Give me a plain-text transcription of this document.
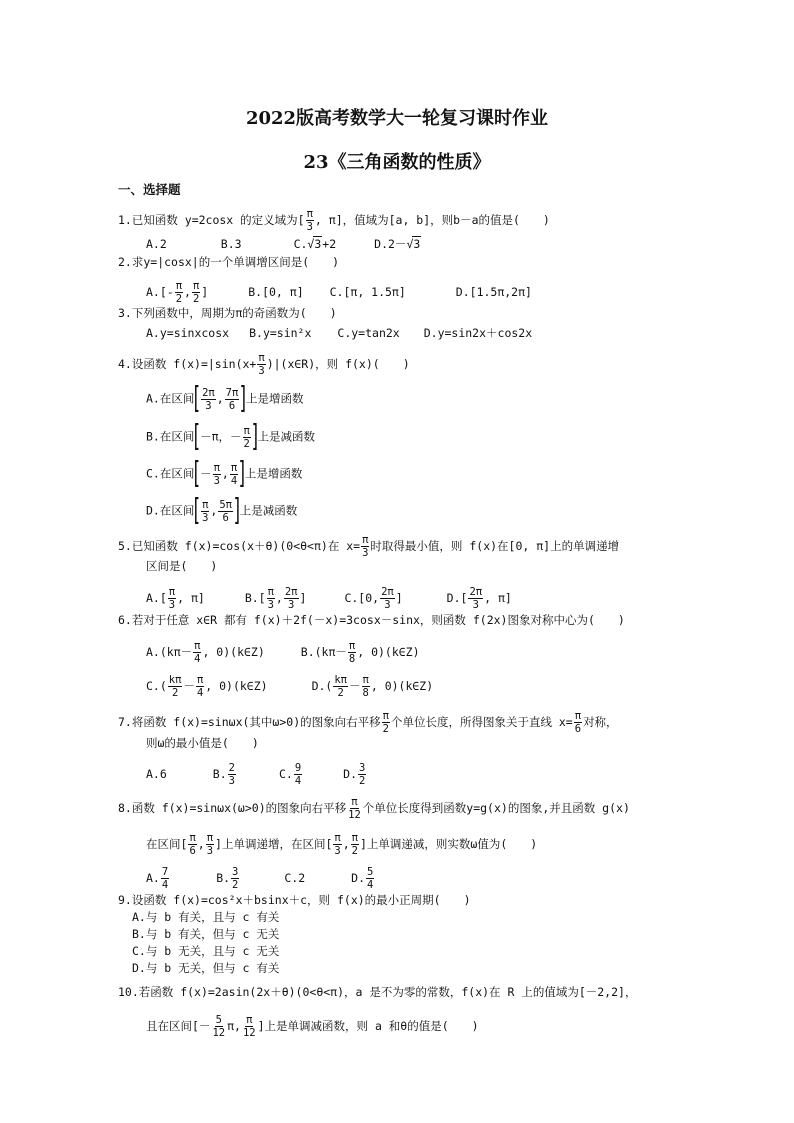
2022版高考数学大一轮复习课时作业
23《三角函数的性质》
一、选择题
1.已知函数 y=2cosx 的定义域为[ $\frac{\pi}{3}$ , π]，值域为[a, b]，则b－a的值是(　　)
A.2	B.3	C.√3+2	D.2－√3
2.求y=|cosx|的一个单调增区间是(　　)
$A.[- \frac{\pi}{2}$ , $\frac{\pi}{2}$ ]	B.[0, π] C.[π, 1.5π]	D.[1.5π,2π]
3.下列函数中，周期为π的奇函数为(　　)
A.y=sinxcosx B.y=sin²x C.y=tan2x D.y=sin2x＋cos2x
4.设函数 $f(x)=|\sin(x+ \frac{\pi}{3}$ )|(x∈R)，则 f(x)(　　)
A.在区间[ $\frac{2\pi}{3}$ , $\frac{7\pi}{6}$ ]上是增函数
B.在区间[－π，－ $\frac{\pi}{2}$ ]上是减函数
C.在区间[－ $\frac{\pi}{3}$ , $\frac{\pi}{4}$ ]上是增函数
D.在区间[ $\frac{\pi}{3}$ , $\frac{5\pi}{6}$ ]上是减函数
5.已知函数 f(x)=cos(x＋θ)(0<θ<π)在 $x= \frac{\pi}{3}$ 时取得最小值，则 f(x)在[0, π]上的单调递增
区间是(　　)
$A.[ \frac{\pi}{3}$ , π]	$B.[ \frac{\pi}{3}$ , $\frac{2\pi}{3}$ ]	C.[0, $\frac{2\pi}{3}$ ]	$D.[ \frac{2\pi}{3}$ , π]
6.若对于任意 x∈R 都有 f(x)＋2f(－x)=3cosx－sinx，则函数 f(2x)图象对称中心为(　　)
$A.(k\pi- \frac{\pi}{4}$ , 0)(k∈Z)	$B.(k\pi- \frac{\pi}{8}$ , 0)(k∈Z)
$C.( \frac{k\pi}{2} - \frac{\pi}{4}$ , 0)(k∈Z)	$D.( \frac{k\pi}{2} - \frac{\pi}{8}$ , 0)(k∈Z)
7.将函数 f(x)=sinωx(其中ω>0)的图象向右平移 $\frac{\pi}{2}$ 个单位长度，所得图象关于直线 $x= \frac{\pi}{6}$ 对称，
则ω的最小值是(　　)
A.6	B. $\frac{2}{3}$	C. $\frac{9}{4}$	D. $\frac{3}{2}$
8.函数 f(x)=sinωx(ω>0)的图象向右平移 $\frac{\pi}{12}$ 个单位长度得到函数y=g(x)的图象,并且函数 g(x)
在区间[ $\frac{\pi}{6}$ , $\frac{\pi}{3}$ ]上单调递增，在区间[ $\frac{\pi}{3}$ , $\frac{\pi}{2}$ ]上单调递减，则实数ω值为(　　)
A. $\frac{7}{4}$	B. $\frac{3}{2}$	C.2	D. $\frac{5}{4}$
9.设函数 f(x)=cos²x＋bsinx＋c，则 f(x)的最小正周期(　　)
A.与 b 有关，且与 c 有关
B.与 b 有关，但与 c 无关
C.与 b 无关，且与 c 无关
D.与 b 无关，但与 c 有关
10.若函数 f(x)=2asin(2x＋θ)(0<θ<π)，a 是不为零的常数，f(x)在 R 上的值域为[－2,2]，
且在区间[－ $\frac{5}{12} \pi$, $\frac{\pi}{12}$ ]上是单调减函数，则 a 和θ的值是(　　)
